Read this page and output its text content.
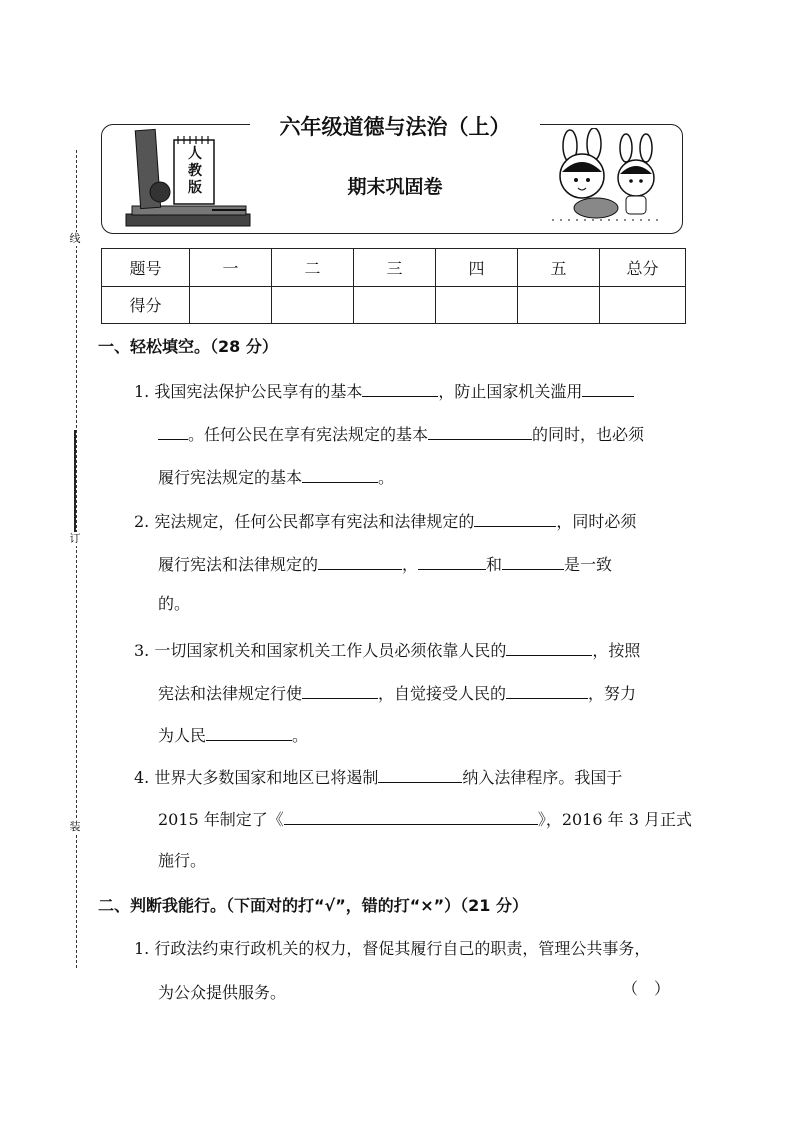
线
订
装
六年级道德与法治（上）
期末巩固卷
人教版
题号	一	二	三	四	五	总分
得分						
一、轻松填空。（28 分）
1. 我国宪法保护公民享有的基本	，防止国家机关滥用
。任何公民在享有宪法规定的基本	的同时，也必须
履行宪法规定的基本	。
2. 宪法规定，任何公民都享有宪法和法律规定的	，同时必须
履行宪法和法律规定的	，	和	是一致
的。
3. 一切国家机关和国家机关工作人员必须依靠人民的	，按照
宪法和法律规定行使	，自觉接受人民的	，努力
为人民	。
4. 世界大多数国家和地区已将遏制	纳入法律程序。我国于
2015 年制定了《	》，2016 年 3 月正式
施行。
二、判断我能行。（下面对的打“√”，错的打“×”）（21 分）
1. 行政法约束行政机关的权力，督促其履行自己的职责，管理公共事务，
为公众提供服务。	（　）
